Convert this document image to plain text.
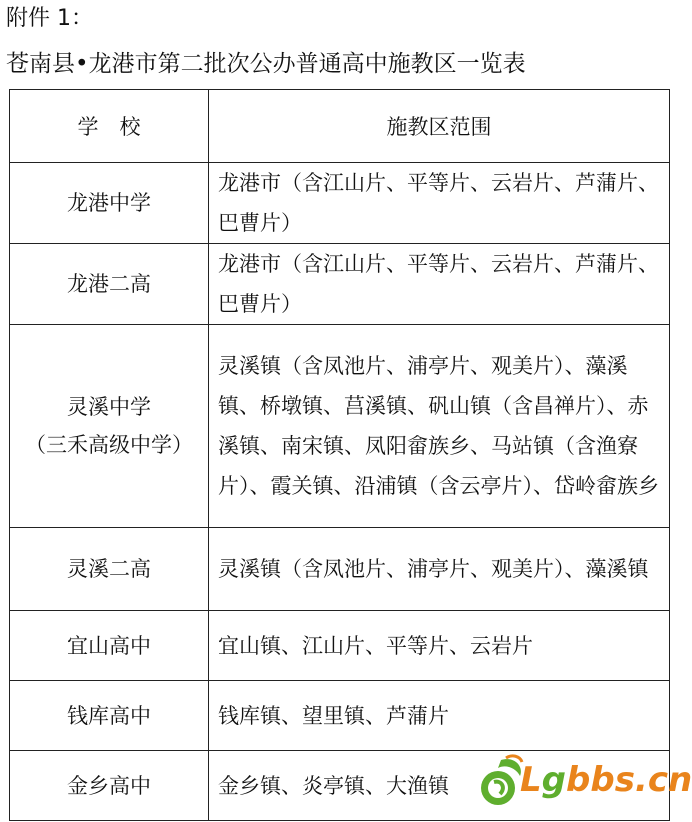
附件 1：
苍南县•龙港市第二批次公办普通高中施教区一览表
学　校	施教区范围
龙港中学	龙港市（含江山片、平等片、云岩片、芦蒲片、巴曹片）
龙港二高	龙港市（含江山片、平等片、云岩片、芦蒲片、巴曹片）

灵溪中学
（三禾高级中学）	灵溪镇（含凤池片、浦亭片、观美片）、藻溪镇、桥墩镇、莒溪镇、矾山镇（含昌禅片）、赤溪镇、南宋镇、凤阳畲族乡、马站镇（含渔寮片）、霞关镇、沿浦镇（含云亭片）、岱岭畲族乡
灵溪二高	灵溪镇（含凤池片、浦亭片、观美片）、藻溪镇
宜山高中	宜山镇、江山片、平等片、云岩片
钱库高中	钱库镇、望里镇、芦蒲片
金乡高中	金乡镇、炎亭镇、大渔镇 Lgbbs.cn
